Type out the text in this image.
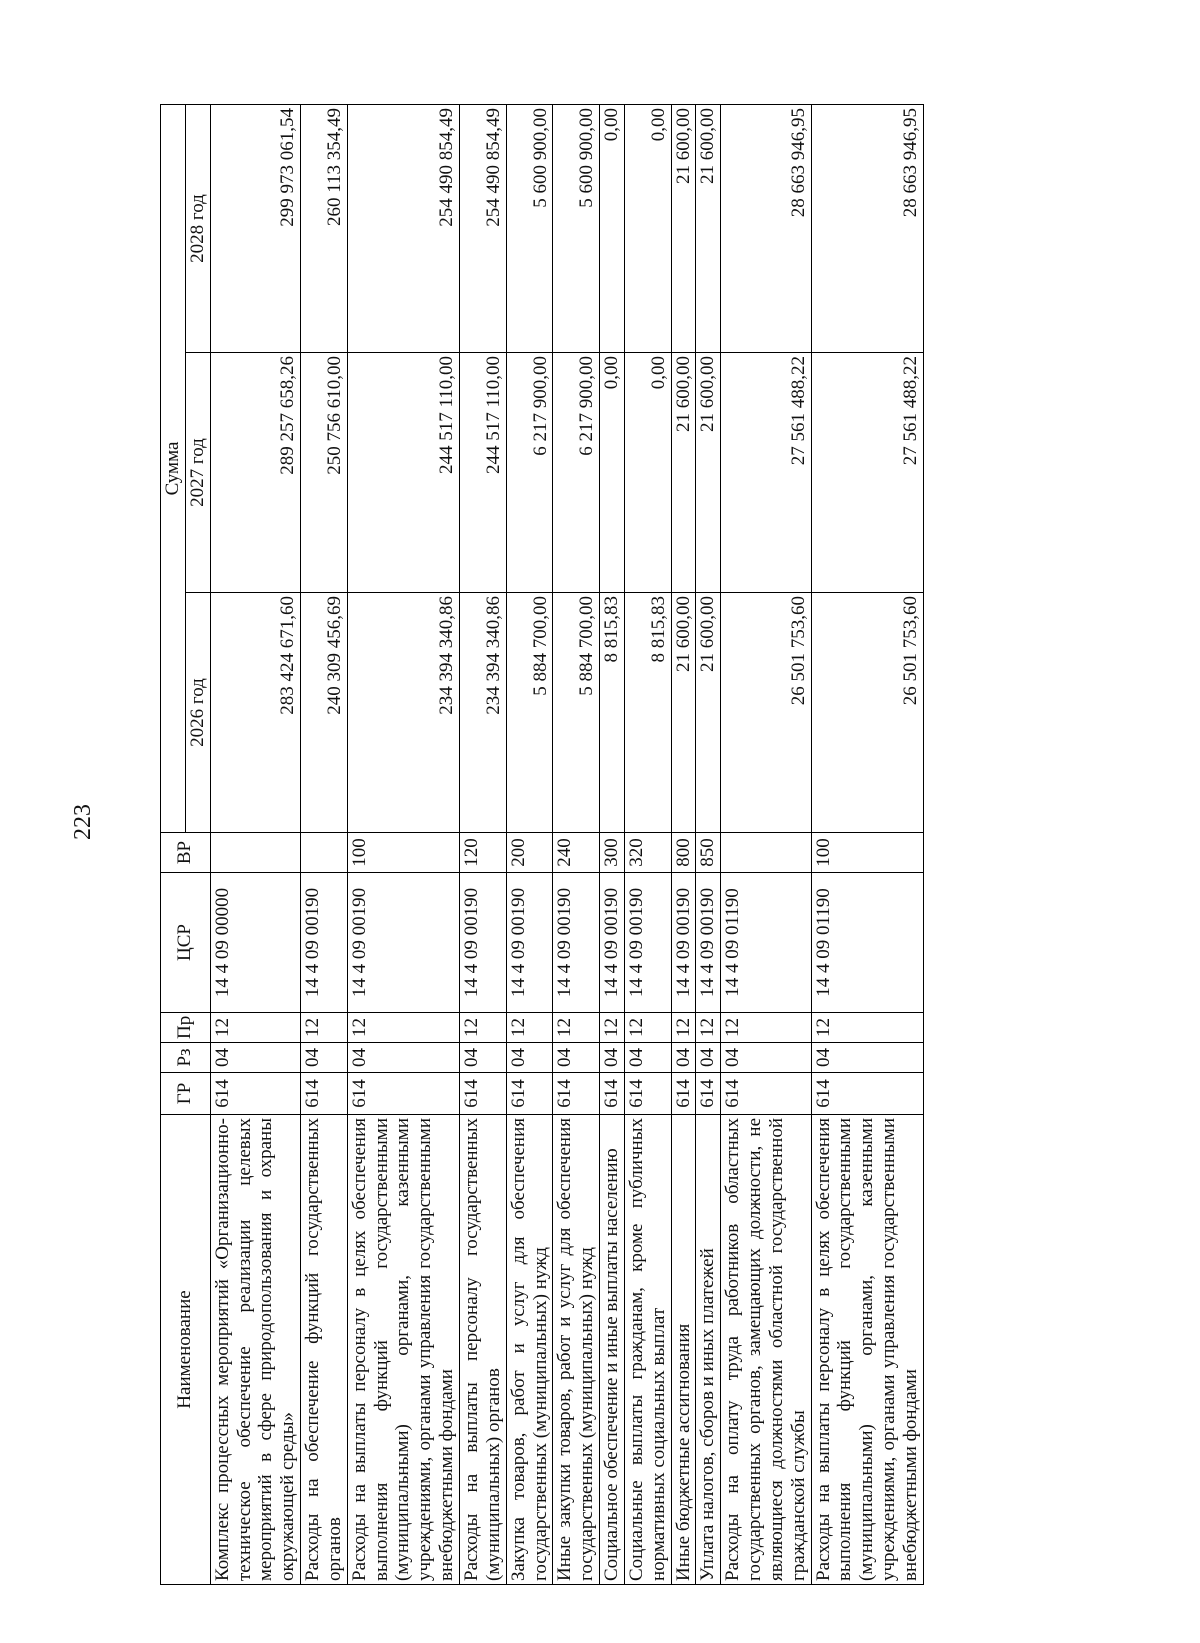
223
Наименование	ГР	Рз	Пр	ЦСР	ВР	Сумма		
						2026 год	2027 год	2028 год
Комплекс процессных мероприятий «Организационно-техническое обеспечение реализации целевых мероприятий в сфере природопользования и охраны окружающей среды»	614	04	12	14 4 09 00000		283 424 671,60	289 257 658,26	299 973 061,54
Расходы на обеспечение функций государственных органов	614	04	12	14 4 09 00190		240 309 456,69	250 756 610,00	260 113 354,49
Расходы на выплаты персоналу в целях обеспечения выполнения функций государственными (муниципальными) органами, казенными учреждениями, органами управления государственными внебюджетными фондами	614	04	12	14 4 09 00190	100	234 394 340,86	244 517 110,00	254 490 854,49
Расходы на выплаты персоналу государственных (муниципальных) органов	614	04	12	14 4 09 00190	120	234 394 340,86	244 517 110,00	254 490 854,49
Закупка товаров, работ и услуг для обеспечения государственных (муниципальных) нужд	614	04	12	14 4 09 00190	200	5 884 700,00	6 217 900,00	5 600 900,00
Иные закупки товаров, работ и услуг для обеспечения государственных (муниципальных) нужд	614	04	12	14 4 09 00190	240	5 884 700,00	6 217 900,00	5 600 900,00
Социальное обеспечение и иные выплаты населению	614	04	12	14 4 09 00190	300	8 815,83	0,00	0,00
Социальные выплаты гражданам, кроме публичных нормативных социальных выплат	614	04	12	14 4 09 00190	320	8 815,83	0,00	0,00
Иные бюджетные ассигнования	614	04	12	14 4 09 00190	800	21 600,00	21 600,00	21 600,00
Уплата налогов, сборов и иных платежей	614	04	12	14 4 09 00190	850	21 600,00	21 600,00	21 600,00
Расходы на оплату труда работников областных государственных органов, замещающих должности, не являющиеся должностями областной государственной гражданской службы	614	04	12	14 4 09 01190		26 501 753,60	27 561 488,22	28 663 946,95
Расходы на выплаты персоналу в целях обеспечения выполнения функций государственными (муниципальными) органами, казенными учреждениями, органами управления государственными внебюджетными фондами	614	04	12	14 4 09 01190	100	26 501 753,60	27 561 488,22	28 663 946,95
